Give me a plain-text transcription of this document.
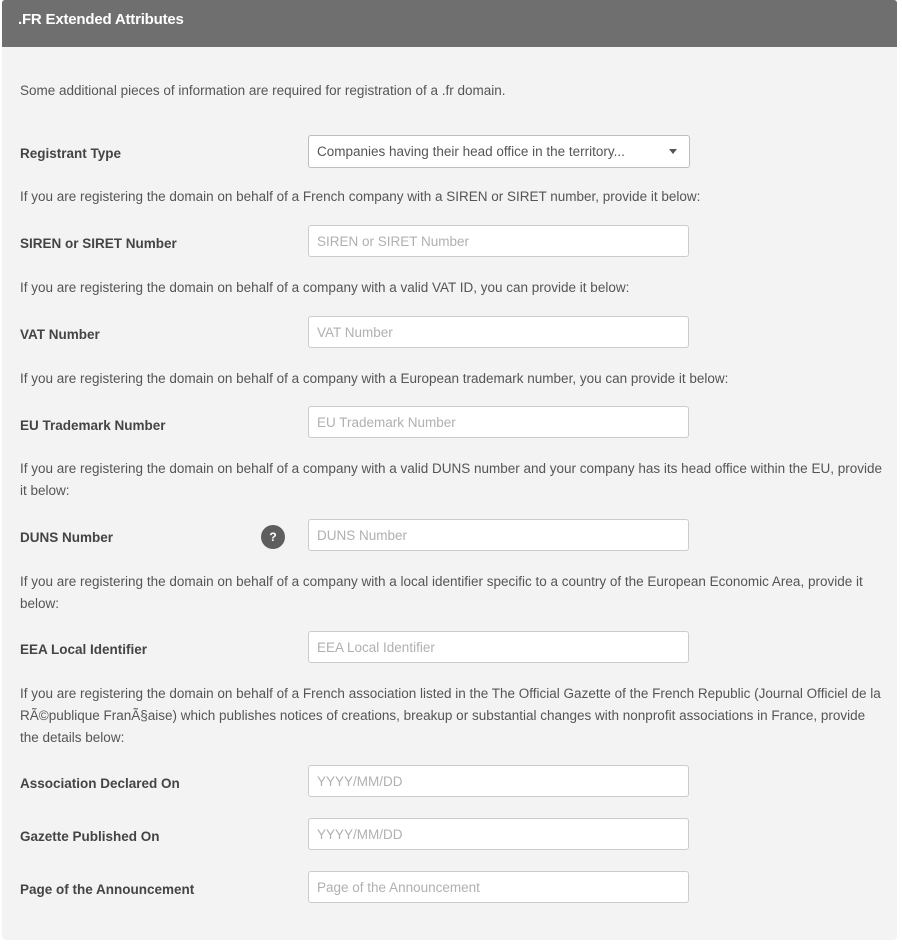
.FR Extended Attributes
Some additional pieces of information are required for registration of a .fr domain.
Registrant Type	Companies having their head office in the territory...
If you are registering the domain on behalf of a French company with a SIREN or SIRET number, provide it below:
SIREN or SIRET Number
SIREN or SIRET Number
If you are registering the domain on behalf of a company with a valid VAT ID, you can provide it below:
VAT Number
VAT Number
If you are registering the domain on behalf of a company with a European trademark number, you can provide it below:
EU Trademark Number
EU Trademark Number
If you are registering the domain on behalf of a company with a valid DUNS number and your company has its head office within the EU, provide it below:
DUNS Number	?
DUNS Number
If you are registering the domain on behalf of a company with a local identifier specific to a country of the European Economic Area, provide it below:
EEA Local Identifier
EEA Local Identifier
If you are registering the domain on behalf of a French association listed in the The Official Gazette of the French Republic (Journal Officiel de la RÃ©publique FranÃ§aise) which publishes notices of creations, breakup or substantial changes with nonprofit associations in France, provide the details below:
Association Declared On
YYYY/MM/DD
Gazette Published On
YYYY/MM/DD
Page of the Announcement
Page of the Announcement
